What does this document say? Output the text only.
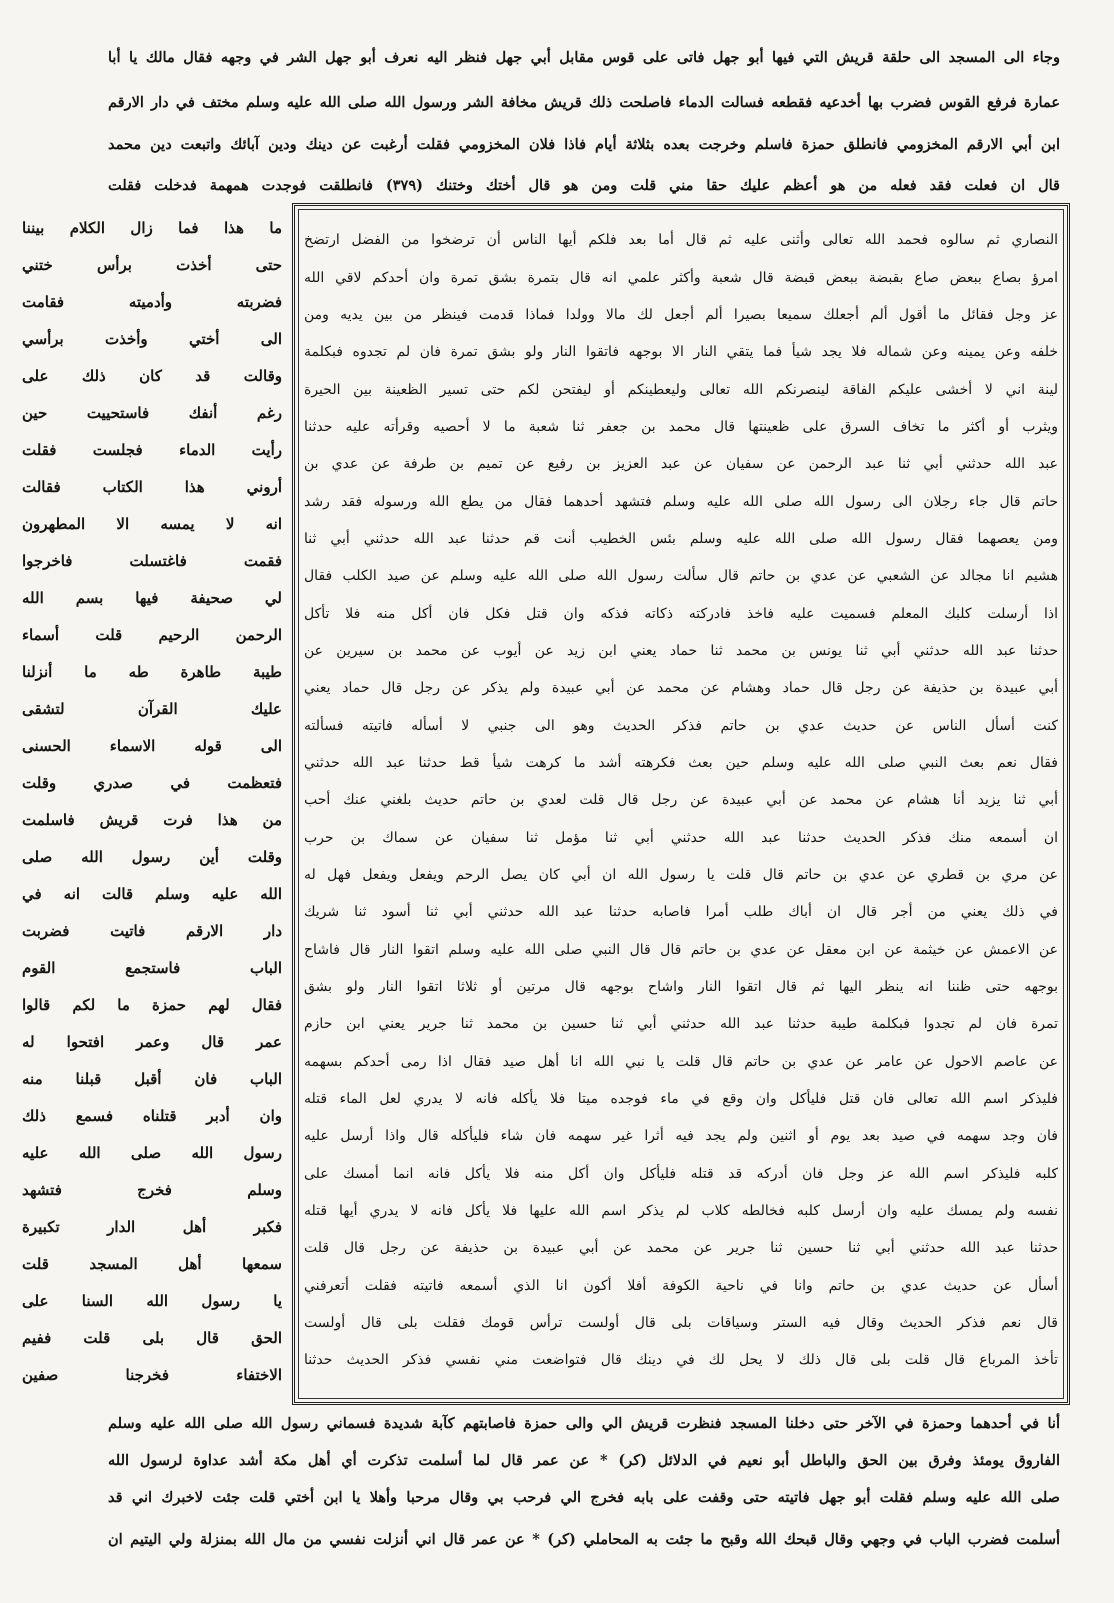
وجاء الى المسجد الى حلقة قريش التي فيها أبو جهل فاتى على قوس مقابل أبي جهل فنظر اليه نعرف أبو جهل الشر في وجهه فقال مالك يا أبا
عمارة فرفع القوس فضرب بها أخدعيه فقطعه فسالت الدماء فاصلحت ذلك قريش مخافة الشر ورسول الله صلى الله عليه وسلم مختف في دار الارقم
ابن أبي الارقم المخزومي فانطلق حمزة فاسلم وخرجت بعده بثلاثة أيام فاذا فلان المخزومي فقلت أرغبت عن دينك ودين آبائك واتبعت دين محمد
قال ان فعلت فقد فعله من هو أعظم عليك حقا مني قلت ومن هو قال أختك وختنك (٣٧٩) فانطلقت فوجدت همهمة فدخلت فقلت
النصاري ثم سالوه فحمد الله تعالى وأثنى عليه ثم قال أما بعد فلكم أيها الناس أن ترضخوا من الفضل ارتضخ
امرؤ بصاع ببعض صاع بقبضة ببعض قبضة قال شعبة وأكثر علمي انه قال بتمرة بشق تمرة وان أحدكم لاقي الله
عز وجل فقائل ما أقول ألم أجعلك سميعا بصيرا ألم أجعل لك مالا وولدا فماذا قدمت فينظر من بين يديه ومن
خلفه وعن يمينه وعن شماله فلا يجد شيأ فما يتقي النار الا بوجهه فاتقوا النار ولو بشق تمرة فان لم تجدوه فبكلمة
لينة اني لا أخشى عليكم الفاقة لينصرنكم الله تعالى وليعطينكم أو ليفتحن لكم حتى تسير الظعينة بين الحيرة
ويثرب أو أكثر ما تخاف السرق على ظعينتها قال محمد بن جعفر ثنا شعبة ما لا أحصيه وقرأته عليه حدثنا
عبد الله حدثني أبي ثنا عبد الرحمن عن سفيان عن عبد العزيز بن رفيع عن تميم بن طرفة عن عدي بن
حاتم قال جاء رجلان الى رسول الله صلى الله عليه وسلم فتشهد أحدهما فقال من يطع الله ورسوله فقد رشد
ومن يعصهما فقال رسول الله صلى الله عليه وسلم بئس الخطيب أنت قم حدثنا عبد الله حدثني أبي ثنا
هشيم انا مجالد عن الشعبي عن عدي بن حاتم قال سألت رسول الله صلى الله عليه وسلم عن صيد الكلب فقال
اذا أرسلت كلبك المعلم فسميت عليه فاخذ فادركته ذكاته فذكه وان قتل فكل فان أكل منه فلا تأكل
حدثنا عبد الله حدثني أبي ثنا يونس بن محمد ثنا حماد يعني ابن زيد عن أيوب عن محمد بن سيرين عن
أبي عبيدة بن حذيفة عن رجل قال حماد وهشام عن محمد عن أبي عبيدة ولم يذكر عن رجل قال حماد يعني
كنت أسأل الناس عن حديث عدي بن حاتم فذكر الحديث وهو الى جنبي لا أسأله فاتيته فسألته
فقال نعم بعث النبي صلى الله عليه وسلم حين بعث فكرهته أشد ما كرهت شيأ قط حدثنا عبد الله حدثني
أبي ثنا يزيد أنا هشام عن محمد عن أبي عبيدة عن رجل قال قلت لعدي بن حاتم حديث بلغني عنك أحب
ان أسمعه منك فذكر الحديث حدثنا عبد الله حدثني أبي ثنا مؤمل ثنا سفيان عن سماك بن حرب
عن مري بن قطري عن عدي بن حاتم قال قلت يا رسول الله ان أبي كان يصل الرحم ويفعل ويفعل فهل له
في ذلك يعني من أجر قال ان أباك طلب أمرا فاصابه حدثنا عبد الله حدثني أبي ثنا أسود ثنا شريك
عن الاعمش عن خيثمة عن ابن معقل عن عدي بن حاتم قال قال النبي صلى الله عليه وسلم اتقوا النار قال فاشاح
بوجهه حتى ظننا انه ينظر اليها ثم قال اتقوا النار واشاح بوجهه قال مرتين أو ثلاثا اتقوا النار ولو بشق
تمرة فان لم تجدوا فبكلمة طيبة حدثنا عبد الله حدثني أبي ثنا حسين بن محمد ثنا جرير يعني ابن حازم
عن عاصم الاحول عن عامر عن عدي بن حاتم قال قلت يا نبي الله انا أهل صيد فقال اذا رمى أحدكم بسهمه
فليذكر اسم الله تعالى فان قتل فليأكل وان وقع في ماء فوجده ميتا فلا يأكله فانه لا يدري لعل الماء قتله
فان وجد سهمه في صيد بعد يوم أو اثنين ولم يجد فيه أثرا غير سهمه فان شاء فليأكله قال واذا أرسل عليه
كلبه فليذكر اسم الله عز وجل فان أدركه قد قتله فليأكل وان أكل منه فلا يأكل فانه انما أمسك على
نفسه ولم يمسك عليه وان أرسل كلبه فخالطه كلاب لم يذكر اسم الله عليها فلا يأكل فانه لا يدري أيها قتله
حدثنا عبد الله حدثني أبي ثنا حسين ثنا جرير عن محمد عن أبي عبيدة بن حذيفة عن رجل قال قلت
أسأل عن حديث عدي بن حاتم وانا في ناحية الكوفة أفلا أكون انا الذي أسمعه فاتيته فقلت أتعرفني
قال نعم فذكر الحديث وقال فيه الستر وسياقات بلى قال أولست ترأس قومك فقلت بلى قال أولست
تأخذ المرباع قال قلت بلى قال ذلك لا يحل لك في دينك قال فتواضعت مني نفسي فذكر الحديث حدثنا
ما هذا فما زال الكلام بيننا
حتى أخذت برأس ختني
فضربته وأدميته فقامت
الى أختي وأخذت برأسي
وقالت قد كان ذلك على
رغم أنفك فاستحييت حين
رأيت الدماء فجلست فقلت
أروني هذا الكتاب فقالت
انه لا يمسه الا المطهرون
فقمت فاغتسلت فاخرجوا
لي صحيفة فيها بسم الله
الرحمن الرحيم قلت أسماء
طيبة طاهرة طه ما أنزلنا
عليك القرآن لتشقى
الى قوله الاسماء الحسنى
فتعظمت في صدري وقلت
من هذا فرت قريش فاسلمت
وقلت أين رسول الله صلى
الله عليه وسلم قالت انه في
دار الارقم فاتيت فضربت
الباب فاستجمع القوم
فقال لهم حمزة ما لكم قالوا
عمر قال وعمر افتحوا له
الباب فان أقبل قبلنا منه
وان أدبر قتلناه فسمع ذلك
رسول الله صلى الله عليه
وسلم فخرج فتشهد
فكبر أهل الدار تكبيرة
سمعها أهل المسجد قلت
يا رسول الله السنا على
الحق قال بلى قلت ففيم
الاختفاء فخرجنا صفين
أنا في أحدهما وحمزة في الآخر حتى دخلنا المسجد فنظرت قريش الي والى حمزة فاصابتهم كآبة شديدة فسماني رسول الله صلى الله عليه وسلم
الفاروق يومئذ وفرق بين الحق والباطل أبو نعيم في الدلائل (كر) * عن عمر قال لما أسلمت تذكرت أي أهل مكة أشد عداوة لرسول الله
صلى الله عليه وسلم فقلت أبو جهل فاتيته حتى وقفت على بابه فخرج الي فرحب بي وقال مرحبا وأهلا يا ابن أختي قلت جئت لاخبرك اني قد
أسلمت فضرب الباب في وجهي وقال قبحك الله وقبح ما جئت به المحاملي (كر) * عن عمر قال اني أنزلت نفسي من مال الله بمنزلة ولي اليتيم ان
